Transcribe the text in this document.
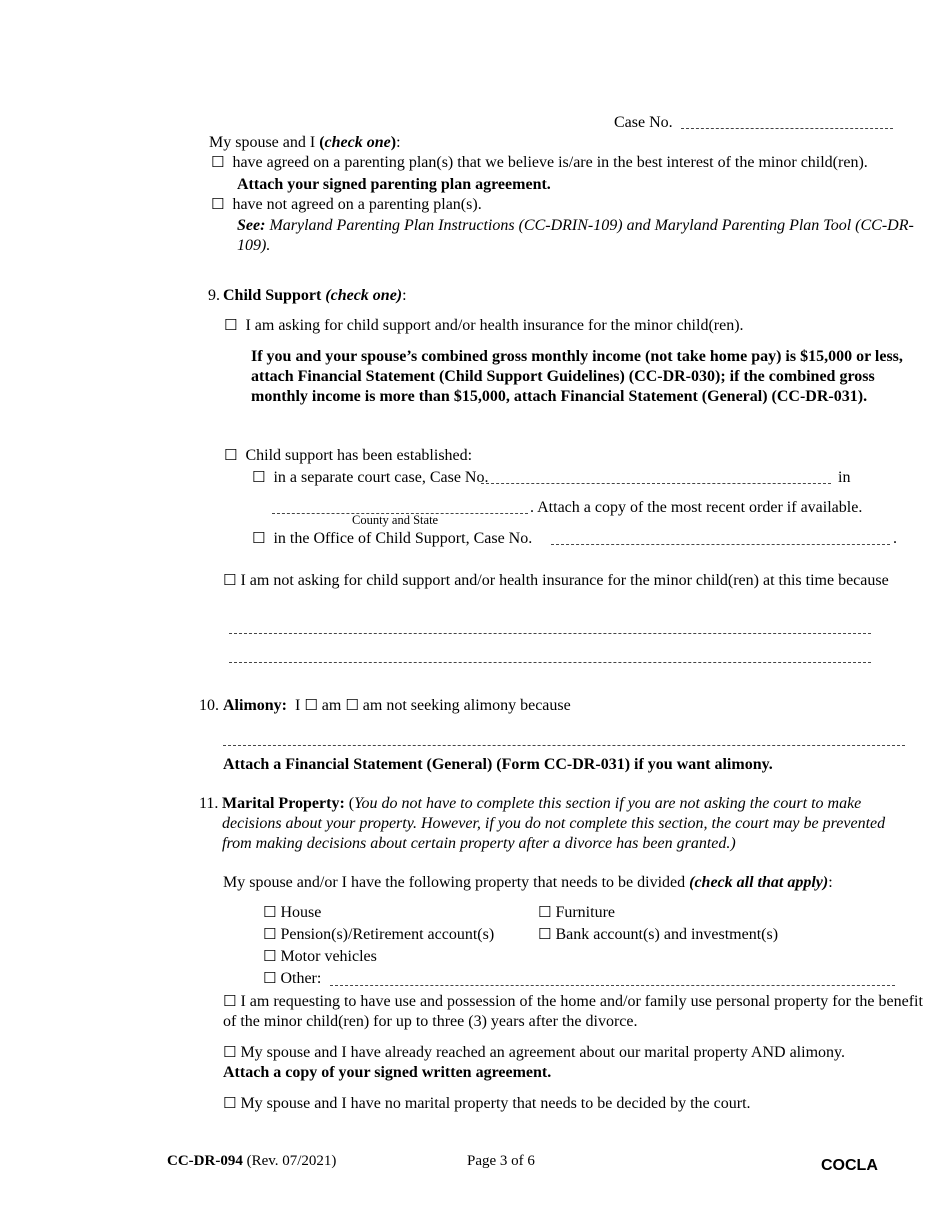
Case No.
My spouse and I (check one):
☐ have agreed on a parenting plan(s) that we believe is/are in the best interest of the minor child(ren).
Attach your signed parenting plan agreement.
☐ have not agreed on a parenting plan(s).
See: Maryland Parenting Plan Instructions (CC-DRIN-109) and Maryland Parenting Plan Tool (CC-DR-109).
9. Child Support (check one):
☐ I am asking for child support and/or health insurance for the minor child(ren).
If you and your spouse’s combined gross monthly income (not take home pay) is $15,000 or less, attach Financial Statement (Child Support Guidelines) (CC-DR-030); if the combined gross monthly income is more than $15,000, attach Financial Statement (General) (CC-DR-031).
☐ Child support has been established:
☐ in a separate court case, Case No.	in
. Attach a copy of the most recent order if available.
County and State
☐ in the Office of Child Support, Case No.	.
☐ I am not asking for child support and/or health insurance for the minor child(ren) at this time because
10. Alimony: I ☐ am ☐ am not seeking alimony because
Attach a Financial Statement (General) (Form CC-DR-031) if you want alimony.
11. Marital Property: (You do not have to complete this section if you are not asking the court to make decisions about your property. However, if you do not complete this section, the court may be prevented from making decisions about certain property after a divorce has been granted.)
My spouse and/or I have the following property that needs to be divided (check all that apply):
☐ House	☐ Furniture
☐ Pension(s)/Retirement account(s)	☐ Bank account(s) and investment(s)
☐ Motor vehicles
☐ Other:
☐ I am requesting to have use and possession of the home and/or family use personal property for the benefit of the minor child(ren) for up to three (3) years after the divorce.
☐ My spouse and I have already reached an agreement about our marital property AND alimony.
Attach a copy of your signed written agreement.
☐ My spouse and I have no marital property that needs to be decided by the court.
CC-DR-094 (Rev. 07/2021)	Page 3 of 6	COCLA
